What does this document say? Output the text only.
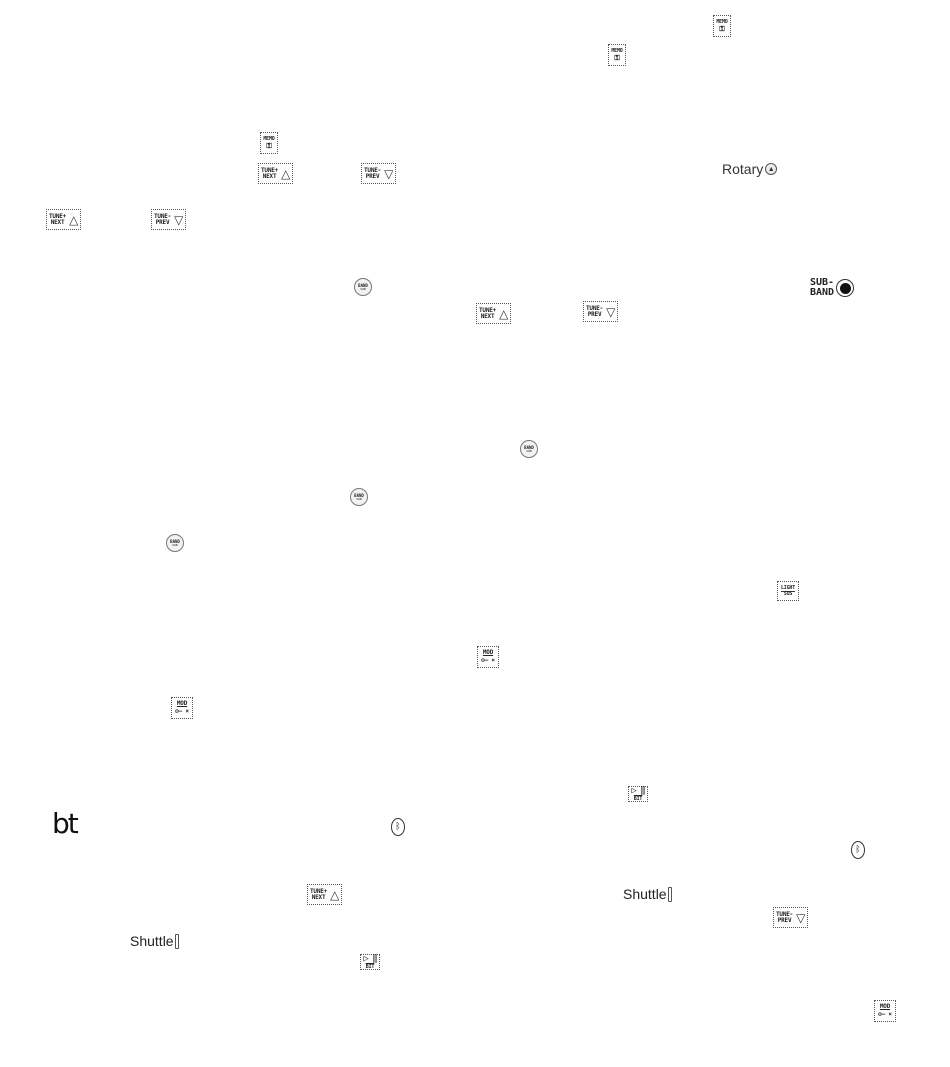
MEMO
⚿
MEMO
⚿
MEMO
⚿
TUNE+
NEXT △
TUNE+
NEXT △
TUNE+
NEXT △
TUNE+
NEXT △
TUNE-
PREV ▽
TUNE-
PREV ▽
TUNE-
PREV ▽
TUNE-
PREV ▽
Rotary ▲
SUB-
BAND
BAND
SUB
BAND
SUB
BAND
SUB
BAND
SUB
LIGHT
SOS
MOD
⊙— ×
MOD
⊙— ×
MOD
⊙— ×
▷ ‖
$\overline{BIT}$
▷ ‖
$\overline{BIT}$
bt	ᛒ
ᛒ
Shuttle
Shuttle
